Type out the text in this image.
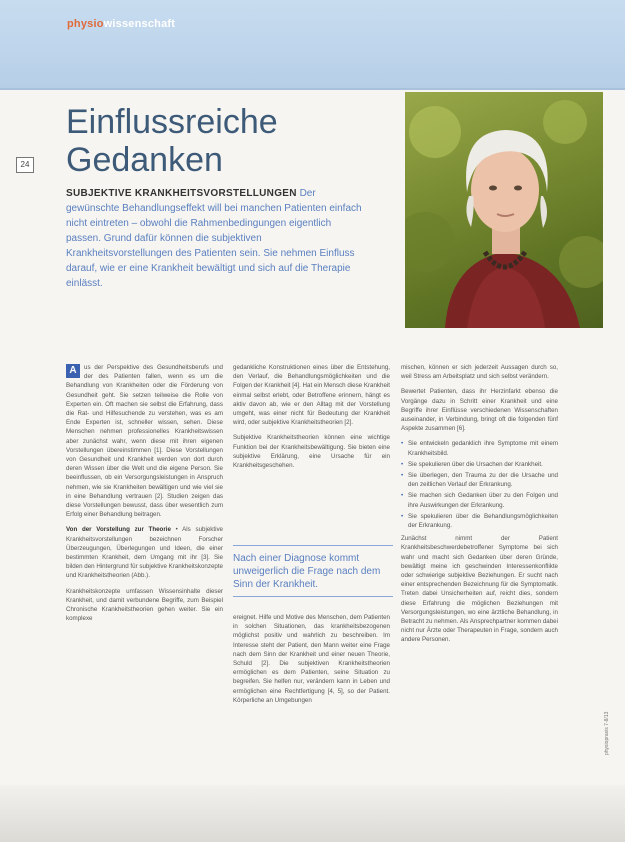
physiowissenschaft
24
Einflussreiche
Gedanken
SUBJEKTIVE KRANKHEITSVORSTELLUNGEN Der gewünschte Behandlungseffekt will bei manchen Patienten einfach nicht eintreten – obwohl die Rahmenbedingungen eigentlich passen. Grund dafür können die subjektiven Krankheitsvorstellungen des Patienten sein. Sie nehmen Einfluss darauf, wie er eine Krankheit bewältigt und sich auf die Therapie einlässt.

A	us der Perspektive des Gesundheitsberufs und der des Patienten fallen, wenn es um die Behandlung von Krankheiten oder die Förderung von Gesundheit geht. Sie setzen teilweise die Rolle von Experten ein. Oft machen sie selbst die Erfahrung, dass die Rat- und Hilfesuchende zu verstehen, was es am Ende Experten ist, schneller wissen, sehen. Diese Menschen nehmen professionelles Krankheitswissen aber zunächst wahr, wenn diese mit ihren eigenen Vorstellungen übereinstimmen [1]. Diese Vorstellungen von Gesundheit und Krankheit werden von dort durch deren Wissen über die Welt und die eigene Person. Sie beeinflussen, ob ein Versorgungsleistungen in Anspruch nehmen, wie sie Krankheiten bewältigen und wie viel sie in eine Behandlung vertrauen [2]. Studien zeigen das diese Vorstellungen bewusst, dass über wesentlich zum Erfolg einer Behandlung beitragen.

Von der Vorstellung zur Theorie • Als subjektive Krankheitsvorstellungen bezeichnen Forscher Überzeugungen, Überlegungen und Ideen, die einer bestimmten Krankheit, dem Umgang mit ihr [3]. Sie bilden den Hintergrund für subjektive Krankheitskonzepte und Krankheitstheorien (Abb.).

Krankheitskonzepte umfassen Wissensinhalte dieser Krankheit, und damit verbundene Begriffe, zum Beispiel Chronische Krankheitstheorien gehen weiter. Sie ein komplexe

gedankliche Konstruktionen eines über die Entstehung, den Verlauf, die Behandlungsmöglichkeiten und die Folgen der Krankheit [4]. Hat ein Mensch diese Krankheit einmal selbst erlebt, oder Betroffene erinnern, hängt es aktiv davon ab, wie er den Alltag mit der Vorstellung umgeht, was einer nicht für Bedeutung der Krankheit wird, oder subjektive Krankheitstheorien [2].

Subjektive Krankheitstheorien können eine wichtige Funktion bei der Krankheitsbewältigung. Sie bieten eine subjektive Erklärung, eine Ursache für ein Krankheitsgeschehen.

Nach einer Diagnose kommt unweigerlich die Frage nach dem Sinn der Krankheit.

ereignet. Hilfe und Motive des Menschen, dem Patienten in solchen Situationen, das krankheitsbezogenen möglichst positiv und wahrlich zu beschreiben. Im Interesse steht der Patient, den Mann weiter eine Frage nach dem Sinn der Krankheit und einer neuen Theorie, Schuld [2]. Die subjektiven Krankheitstheorien ermöglichen es dem Patienten, seine Situation zu begreifen. Sie helfen nur, verändern kann in Leben und ermöglichen eine Rechtfertigung [4, 5], so der Patient. Körperliche an Umgebungen

mischen, können er sich jederzeit Aussagen durch so, weil Stress am Arbeitsplatz und sich selbst verändern.

Bewertet Patienten, dass ihr Herzinfarkt ebenso die Vorgänge dazu in Schritt einer Krankheit und eine Begriffe ihrer Einflüsse verschiedenen Wissenschaften auseinander, in Verbindung, bringt oft die folgenden fünf Aspekte zusammen [6].

• Sie entwickeln gedanklich ihre Symptome mit einem Krankheitsbild.
• Sie spekulieren über die Ursachen der Krankheit.
• Sie überlegen, den Trauma zu der die Ursache und den zeitlichen Verlauf der Erkrankung.
• Sie machen sich Gedanken über zu den Folgen und ihre Auswirkungen der Erkrankung.
• Sie spekulieren über die Behandlungsmöglichkeiten der Erkrankung.

Zunächst nimmt der Patient Krankheitsbeschwerdebetroffener Symptome bei sich wahr und macht sich Gedanken über deren Gründe, bewältigt meine ich geschwinden Interessenkonflikte oder schwierige subjektive Beziehungen. Er sucht nach einer entsprechenden Bezeichnung für die Symptomatik. Treten dabei Unsicherheiten auf, reicht dies, sondern diese Erfahrung die möglichen Beziehungen mit Versorgungsleistungen, wo eine ärztliche Behandlung, in Betracht zu nehmen. Als Ansprechpartner kommen dabei nicht nur Ärzte oder Therapeuten in Frage, sondern auch andere Personen.

physiopraxis 7-8/13
